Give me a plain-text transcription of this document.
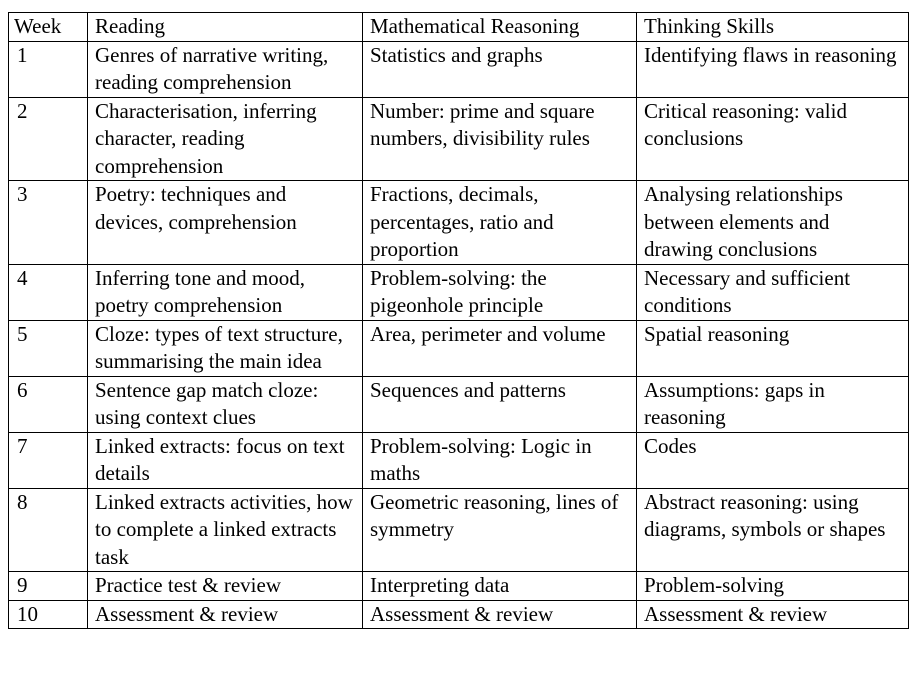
Week	Reading	Mathematical Reasoning	Thinking Skills
1	Genres of narrative writing, reading comprehension	Statistics and graphs	Identifying flaws in reasoning
2	Characterisation, inferring character, reading comprehension	Number: prime and square numbers, divisibility rules	Critical reasoning: valid conclusions
3	Poetry: techniques and devices, comprehension	Fractions, decimals, percentages, ratio and proportion	Analysing relationships between elements and drawing conclusions
4	Inferring tone and mood, poetry comprehension	Problem-solving: the pigeonhole principle	Necessary and sufficient conditions
5	Cloze: types of text structure, summarising the main idea	Area, perimeter and volume	Spatial reasoning
6	Sentence gap match cloze: using context clues	Sequences and patterns	Assumptions: gaps in reasoning
7	Linked extracts: focus on text details	Problem-solving: Logic in maths	Codes
8	Linked extracts activities, how to complete a linked extracts task	Geometric reasoning, lines of symmetry	Abstract reasoning: using diagrams, symbols or shapes
9	Practice test & review	Interpreting data	Problem-solving
10	Assessment & review	Assessment & review	Assessment & review
